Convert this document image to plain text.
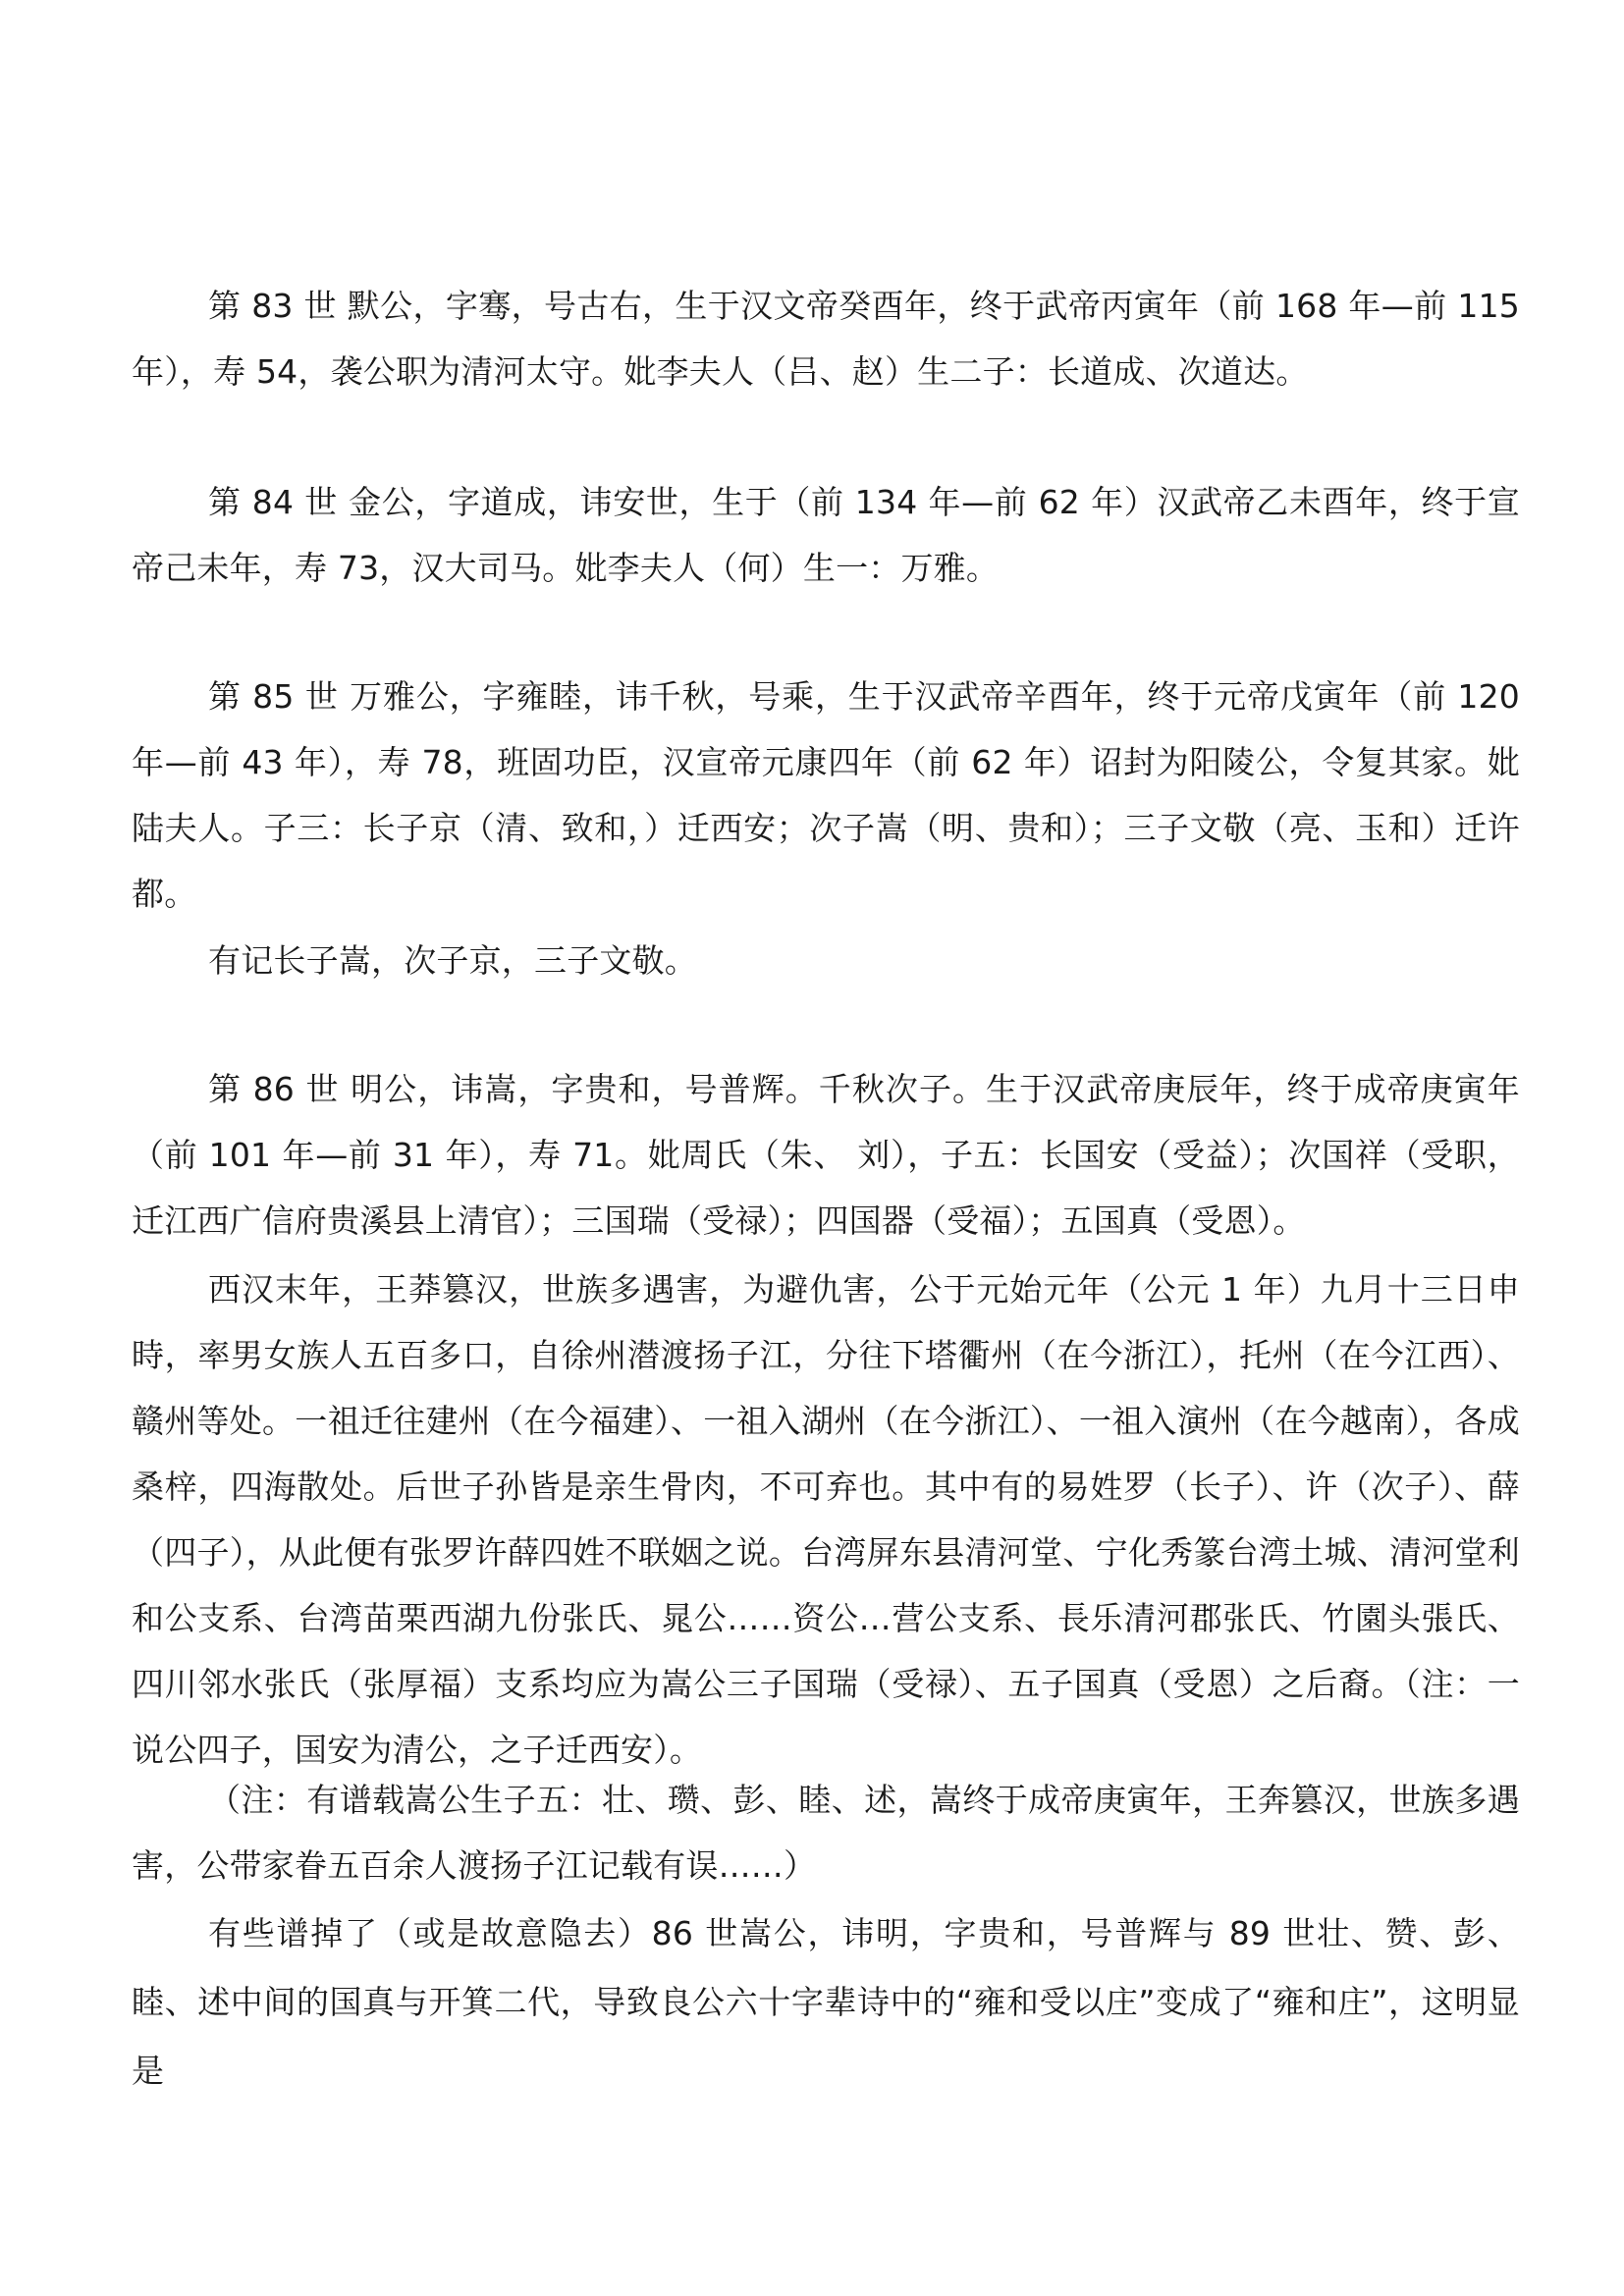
第 83 世 默公，字骞，号古右，生于汉文帝癸酉年，终于武帝丙寅年（前 168 年—前 115 年），寿 54，袭公职为清河太守。妣李夫人（吕、赵）生二子：长道成、次道达。

第 84 世 金公，字道成，讳安世，生于（前 134 年—前 62 年）汉武帝乙未酉年，终于宣帝己未年，寿 73，汉大司马。妣李夫人（何）生一：万雅。

第 85 世 万雅公，字雍睦，讳千秋，号乘，生于汉武帝辛酉年，终于元帝戊寅年（前 120 年—前 43 年），寿 78，班固功臣，汉宣帝元康四年（前 62 年）诏封为阳陵公，令复其家。妣陆夫人。子三：长子京（清、致和，）迁西安；次子嵩（明、贵和）；三子文敬（亮、玉和）迁许都。

有记长子嵩，次子京，三子文敬。

第 86 世 明公，讳嵩，字贵和，号普辉。千秋次子。生于汉武帝庚辰年，终于成帝庚寅年（前 101 年—前 31 年），寿 71。妣周氏（朱、 刘），子五：长国安（受益）；次国祥（受职，迁江西广信府贵溪县上清官）；三国瑞（受禄）；四国器（受福）；五国真（受恩）。

西汉末年，王莽篡汉，世族多遇害，为避仇害，公于元始元年（公元 1 年）九月十三日申時，率男女族人五百多口，自徐州潜渡扬子江，分往下塔衢州（在今浙江），托州（在今江西）、赣州等处。一祖迁往建州（在今福建）、一祖入湖州（在今浙江）、一祖入演州（在今越南），各成桑梓，四海散处。后世子孙皆是亲生骨肉，不可弃也。其中有的易姓罗（长子）、许（次子）、薛（四子），从此便有张罗许薛四姓不联姻之说。台湾屏东县清河堂、宁化秀篆台湾土城、清河堂利和公支系、台湾苗栗西湖九份张氏、晁公……资公…营公支系、長乐清河郡张氏、竹園头張氏、四川邻水张氏（张厚福）支系均应为嵩公三子国瑞（受禄）、五子国真（受恩）之后裔。（注：一说公四子，国安为清公，之子迁西安）。

（注：有谱载嵩公生子五：壮、瓒、彭、睦、述，嵩终于成帝庚寅年，王奔篡汉，世族多遇害，公带家眷五百余人渡扬子江记载有误……）

有些谱掉了（或是故意隐去）86 世嵩公，讳明，字贵和，号普辉与 89 世壮、赞、彭、睦、述中间的国真与开箕二代，导致良公六十字辈诗中的“雍和受以庄”变成了“雍和庄”，这明显是
